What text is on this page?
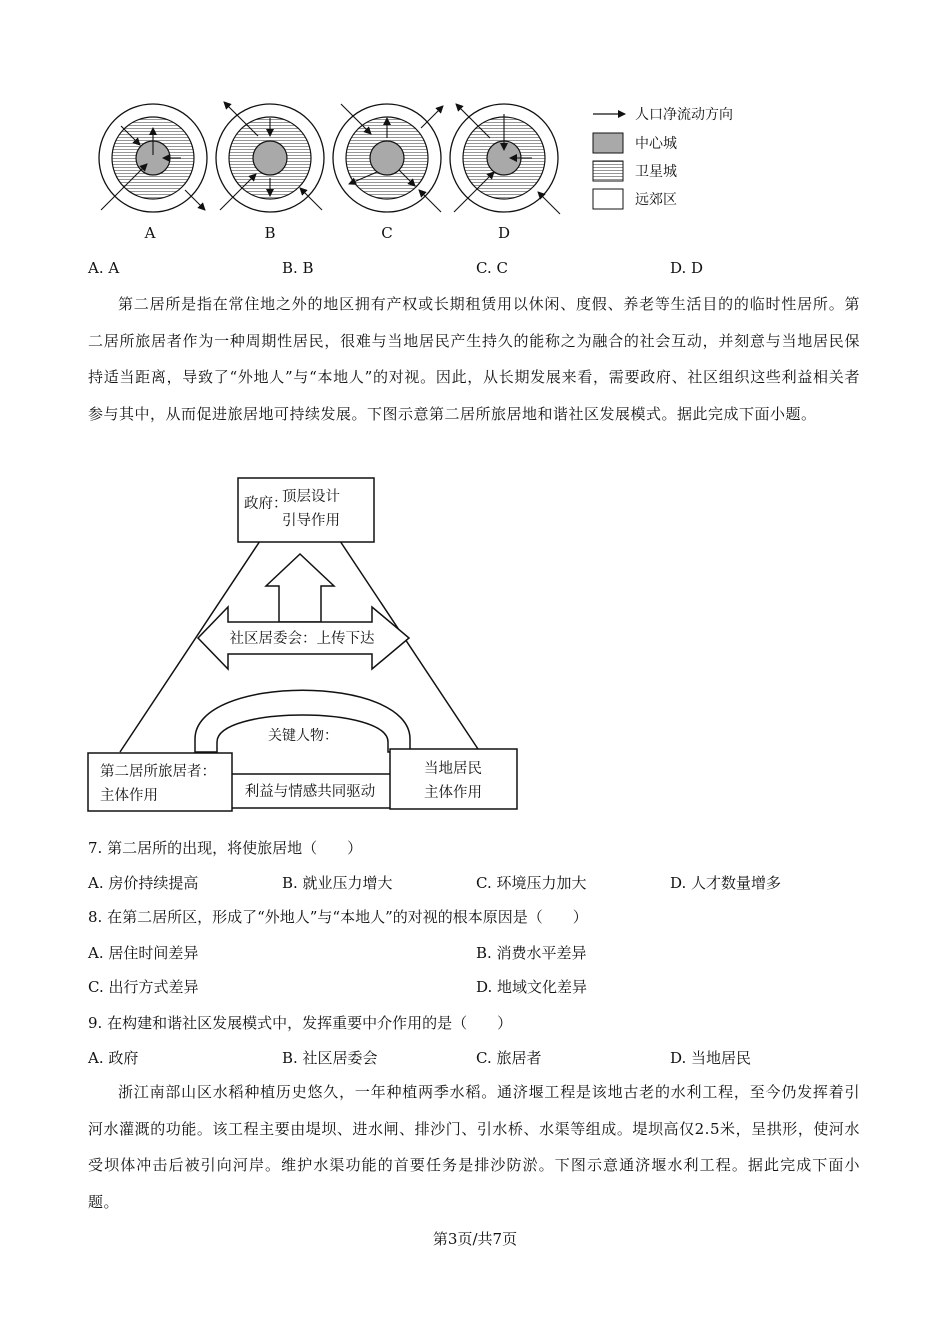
人口净流动方向
中心城
卫星城
远郊区
A	B	C	D
A. A	B. B	C. C	D. D

第二居所是指在常住地之外的地区拥有产权或长期租赁用以休闲、度假、养老等生活目的的临时性居所。第二居所旅居者作为一种周期性居民，很难与当地居民产生持久的能称之为融合的社会互动，并刻意与当地居民保持适当距离，导致了“外地人”与“本地人”的对视。因此，从长期发展来看，需要政府、社区组织这些利益相关者参与其中，从而促进旅居地可持续发展。下图示意第二居所旅居地和谐社区发展模式。据此完成下面小题。

社区居委会：上传下达
关键人物：
利益与情感共同驱动
政府：
顶层设计
引导作用
第二居所旅居者：
主体作用
当地居民
主体作用
7. 第二居所的出现，将使旅居地（　　）
A. 房价持续提高	B. 就业压力增大	C. 环境压力加大	D. 人才数量增多
8. 在第二居所区，形成了“外地人”与“本地人”的对视的根本原因是（　　）
A. 居住时间差异	B. 消费水平差异
C. 出行方式差异	D. 地域文化差异
9. 在构建和谐社区发展模式中，发挥重要中介作用的是（　　）
A. 政府	B. 社区居委会	C. 旅居者	D. 当地居民

浙江南部山区水稻种植历史悠久，一年种植两季水稻。通济堰工程是该地古老的水利工程，至今仍发挥着引河水灌溉的功能。该工程主要由堤坝、进水闸、排沙门、引水桥、水渠等组成。堤坝高仅2.5米，呈拱形，使河水受坝体冲击后被引向河岸。维护水渠功能的首要任务是排沙防淤。下图示意通济堰水利工程。据此完成下面小题。

第3页/共7页
